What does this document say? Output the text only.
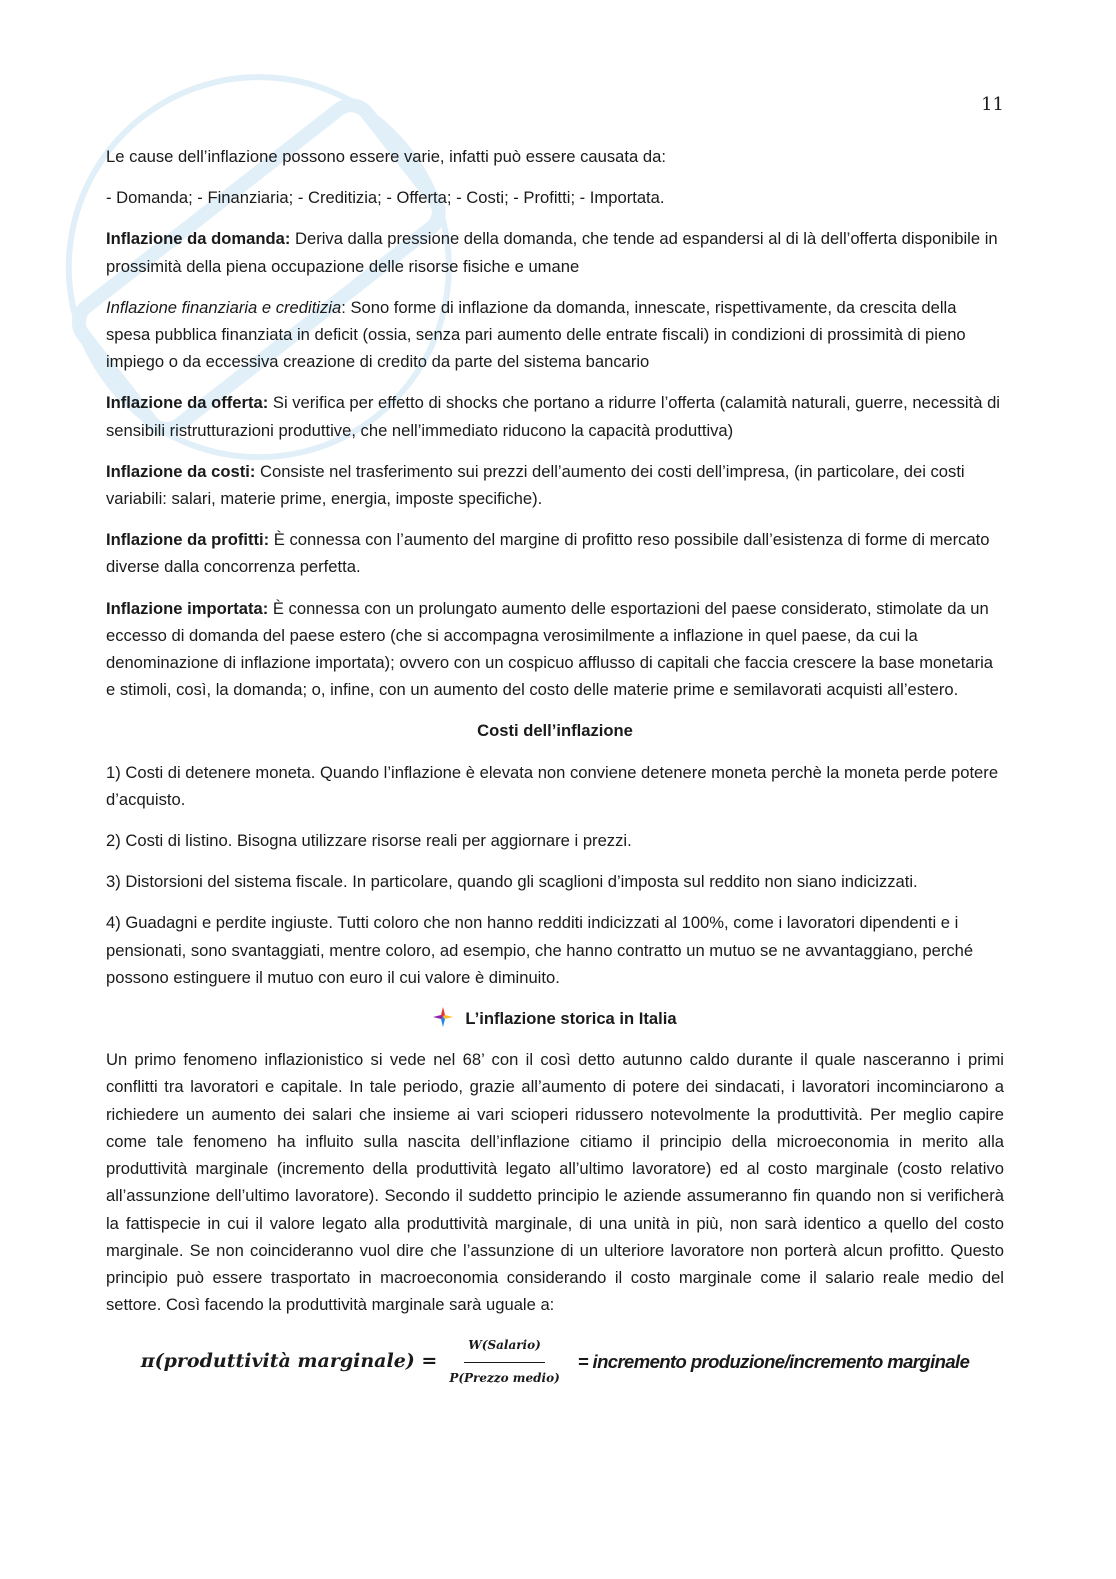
11

Le cause dell’inflazione possono essere varie, infatti può essere causata da:

- Domanda; - Finanziaria; - Creditizia; - Offerta; - Costi; - Profitti; - Importata.

Inflazione da domanda: Deriva dalla pressione della domanda, che tende ad espandersi al di là dell’offerta disponibile in prossimità della piena occupazione delle risorse fisiche e umane

Inflazione finanziaria e creditizia: Sono forme di inflazione da domanda, innescate, rispettivamente, da crescita della spesa pubblica finanziata in deficit (ossia, senza pari aumento delle entrate fiscali) in condizioni di prossimità di pieno impiego o da eccessiva creazione di credito da parte del sistema bancario

Inflazione da offerta: Si verifica per effetto di shocks che portano a ridurre l’offerta (calamità naturali, guerre, necessità di sensibili ristrutturazioni produttive, che nell’immediato riducono la capacità produttiva)

Inflazione da costi: Consiste nel trasferimento sui prezzi dell’aumento dei costi dell’impresa, (in particolare, dei costi variabili: salari, materie prime, energia, imposte specifiche).

Inflazione da profitti: È connessa con l’aumento del margine di profitto reso possibile dall’esistenza di forme di mercato diverse dalla concorrenza perfetta.

Inflazione importata: È connessa con un prolungato aumento delle esportazioni del paese considerato, stimolate da un eccesso di domanda del paese estero (che si accompagna verosimilmente a inflazione in quel paese, da cui la denominazione di inflazione importata); ovvero con un cospicuo afflusso di capitali che faccia crescere la base monetaria e stimoli, così, la domanda; o, infine, con un aumento del costo delle materie prime e semilavorati acquisti all’estero.

Costi dell’inflazione

1) Costi di detenere moneta. Quando l’inflazione è elevata non conviene detenere moneta perchè la moneta perde potere d’acquisto.

2) Costi di listino. Bisogna utilizzare risorse reali per aggiornare i prezzi.

3) Distorsioni del sistema fiscale. In particolare, quando gli scaglioni d’imposta sul reddito non siano indicizzati.

4) Guadagni e perdite ingiuste. Tutti coloro che non hanno redditi indicizzati al 100%, come i lavoratori dipendenti e i pensionati, sono svantaggiati, mentre coloro, ad esempio, che hanno contratto un mutuo se ne avvantaggiano, perché possono estinguere il mutuo con euro il cui valore è diminuito.

L’inflazione storica in Italia

Un primo fenomeno inflazionistico si vede nel 68’ con il così detto autunno caldo durante il quale nasceranno i primi conflitti tra lavoratori e capitale. In tale periodo, grazie all’aumento di potere dei sindacati, i lavoratori incominciarono a richiedere un aumento dei salari che insieme ai vari scioperi ridussero notevolmente la produttività. Per meglio capire come tale fenomeno ha influito sulla nascita dell’inflazione citiamo il principio della microeconomia in merito alla produttività marginale (incremento della produttività legato all’ultimo lavoratore) ed al costo marginale (costo relativo all’assunzione dell’ultimo lavoratore). Secondo il suddetto principio le aziende assumeranno fin quando non si verificherà la fattispecie in cui il valore legato alla produttività marginale, di una unità in più, non sarà identico a quello del costo marginale. Se non coincideranno vuol dire che l’assunzione di un ulteriore lavoratore non porterà alcun profitto. Questo principio può essere trasportato in macroeconomia considerando il costo marginale come il salario reale medio del settore. Così facendo la produttività marginale sarà uguale a:

π(produttività marginale) = $\frac{\text{W(Salario)}}{\text{P(Prezzo medio)}}$ = incremento produzione/incremento marginale
